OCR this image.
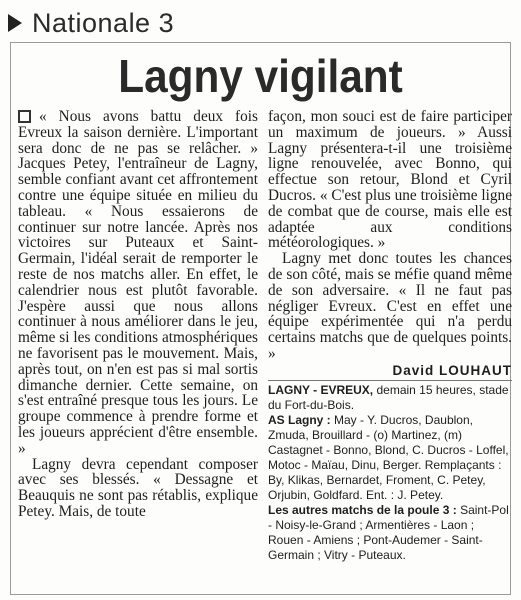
Nationale 3
Lagny vigilant

« Nous avons battu deux fois Evreux la saison dernière. L'important sera donc de ne pas se relâcher. » Jacques Petey, l'entraîneur de Lagny, semble confiant avant cet affrontement contre une équipe située en milieu du tableau. « Nous essaierons de continuer sur notre lancée. Après nos victoires sur Puteaux et Saint-Germain, l'idéal serait de remporter le reste de nos matchs aller. En effet, le calendrier nous est plutôt favorable. J'espère aussi que nous allons continuer à nous améliorer dans le jeu, même si les conditions atmosphériques ne favorisent pas le mouvement. Mais, après tout, on n'en est pas si mal sortis dimanche dernier. Cette semaine, on s'est entraîné presque tous les jours. Le groupe commence à prendre forme et les joueurs apprécient d'être ensemble. »

Lagny devra cependant composer avec ses blessés. « Dessagne et Beauquis ne sont pas rétablis, explique Petey. Mais, de toute

façon, mon souci est de faire participer un maximum de joueurs. » Aussi Lagny présentera-t-il une troisième ligne renouvelée, avec Bonno, qui effectue son retour, Blond et Cyril Ducros. « C'est plus une troisième ligne de combat que de course, mais elle est adaptée aux conditions météorologiques. »

Lagny met donc toutes les chances de son côté, mais se méfie quand même de son adversaire. « Il ne faut pas négliger Evreux. C'est en effet une équipe expérimentée qui n'a perdu certains matchs que de quelques points. »

David LOUHAUT

LAGNY - EVREUX, demain 15 heures, stade du Fort-du-Bois.

AS Lagny : May - Y. Ducros, Daublon, Zmuda, Brouillard - (o) Martinez, (m) Castagnet - Bonno, Blond, C. Ducros - Loffel, Motoc - Maïau, Dinu, Berger. Remplaçants : By, Klikas, Bernardet, Froment, C. Petey, Orjubin, Goldfard. Ent. : J. Petey.

Les autres matchs de la poule 3 : Saint-Pol - Noisy-le-Grand ; Armentières - Laon ; Rouen - Amiens ; Pont-Audemer - Saint-Germain ; Vitry - Puteaux.
